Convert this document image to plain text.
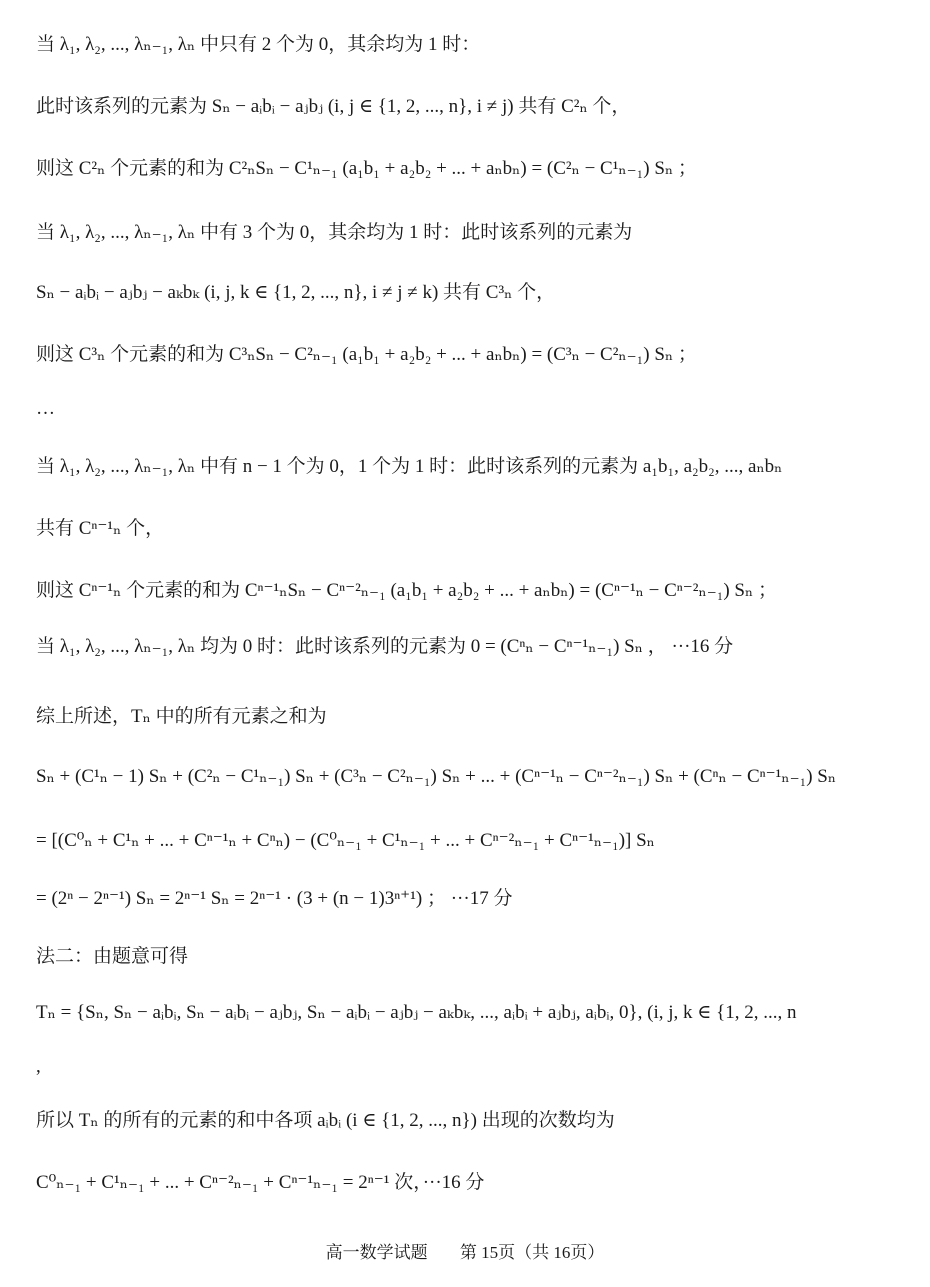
当 λ₁, λ₂, ..., λₙ₋₁, λₙ 中只有 2 个为 0，其余均为 1 时：
此时该系列的元素为 Sₙ − aᵢbᵢ − aⱼbⱼ (i, j ∈ {1, 2, ..., n}, i ≠ j) 共有 C²ₙ 个，
则这 C²ₙ 个元素的和为 C²ₙSₙ − C¹ₙ₋₁ (a₁b₁ + a₂b₂ + ... + aₙbₙ) = (C²ₙ − C¹ₙ₋₁) Sₙ ；
当 λ₁, λ₂, ..., λₙ₋₁, λₙ 中有 3 个为 0，其余均为 1 时：此时该系列的元素为
Sₙ − aᵢbᵢ − aⱼbⱼ − aₖbₖ (i, j, k ∈ {1, 2, ..., n}, i ≠ j ≠ k) 共有 C³ₙ 个，
则这 C³ₙ 个元素的和为 C³ₙSₙ − C²ₙ₋₁ (a₁b₁ + a₂b₂ + ... + aₙbₙ) = (C³ₙ − C²ₙ₋₁) Sₙ ；
…
当 λ₁, λ₂, ..., λₙ₋₁, λₙ 中有 n − 1 个为 0，1 个为 1 时：此时该系列的元素为 a₁b₁, a₂b₂, ..., aₙbₙ
共有 Cⁿ⁻¹ₙ 个，
则这 Cⁿ⁻¹ₙ 个元素的和为 Cⁿ⁻¹ₙSₙ − Cⁿ⁻²ₙ₋₁ (a₁b₁ + a₂b₂ + ... + aₙbₙ) = (Cⁿ⁻¹ₙ − Cⁿ⁻²ₙ₋₁) Sₙ ；
当 λ₁, λ₂, ..., λₙ₋₁, λₙ 均为 0 时：此时该系列的元素为 0 = (Cⁿₙ − Cⁿ⁻¹ₙ₋₁) Sₙ ， ···16 分
综上所述，Tₙ 中的所有元素之和为
Sₙ + (C¹ₙ − 1) Sₙ + (C²ₙ − C¹ₙ₋₁) Sₙ + (C³ₙ − C²ₙ₋₁) Sₙ + ... + (Cⁿ⁻¹ₙ − Cⁿ⁻²ₙ₋₁) Sₙ + (Cⁿₙ − Cⁿ⁻¹ₙ₋₁) Sₙ
= [(C⁰ₙ + C¹ₙ + ... + Cⁿ⁻¹ₙ + Cⁿₙ) − (C⁰ₙ₋₁ + C¹ₙ₋₁ + ... + Cⁿ⁻²ₙ₋₁ + Cⁿ⁻¹ₙ₋₁)] Sₙ
= (2ⁿ − 2ⁿ⁻¹) Sₙ = 2ⁿ⁻¹ Sₙ = 2ⁿ⁻¹ · (3 + (n − 1)3ⁿ⁺¹) ； ···17 分
法二：由题意可得
Tₙ = {Sₙ, Sₙ − aᵢbᵢ, Sₙ − aᵢbᵢ − aⱼbⱼ, Sₙ − aᵢbᵢ − aⱼbⱼ − aₖbₖ, ..., aᵢbᵢ + aⱼbⱼ, aᵢbᵢ, 0}, (i, j, k ∈ {1, 2, ..., n
,
所以 Tₙ 的所有的元素的和中各项 aᵢbᵢ (i ∈ {1, 2, ..., n}) 出现的次数均为
C⁰ₙ₋₁ + C¹ₙ₋₁ + ... + Cⁿ⁻²ₙ₋₁ + Cⁿ⁻¹ₙ₋₁ = 2ⁿ⁻¹ 次，···16 分
高一数学试题 第 15页（共 16页）
